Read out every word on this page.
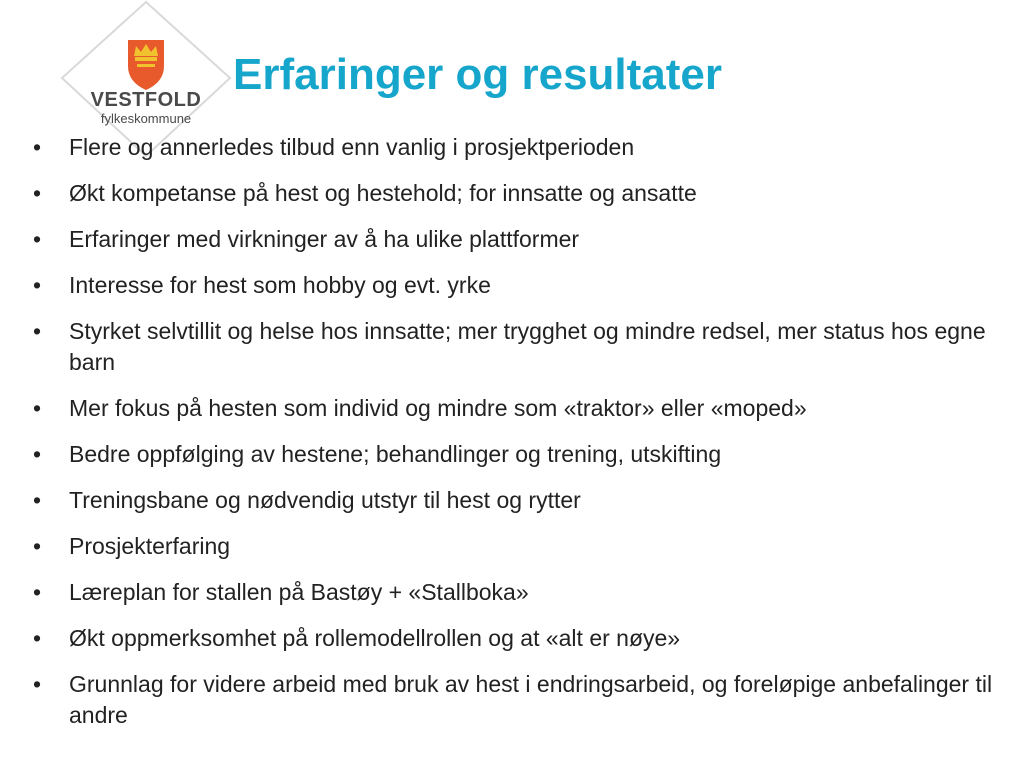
VESTFOLD
fylkeskommune
Erfaringer og resultater
• Flere og annerledes tilbud enn vanlig i prosjektperioden
• Økt kompetanse på hest og hestehold; for innsatte og ansatte
• Erfaringer med virkninger av å ha ulike plattformer
• Interesse for hest som hobby og evt. yrke
• Styrket selvtillit og helse hos innsatte; mer trygghet og mindre redsel, mer status hos egne barn
• Mer fokus på hesten som individ og mindre som «traktor» eller «moped»
• Bedre oppfølging av hestene; behandlinger og trening, utskifting
• Treningsbane og nødvendig utstyr til hest og rytter
• Prosjekterfaring
• Læreplan for stallen på Bastøy + «Stallboka»
• Økt oppmerksomhet på rollemodellrollen og at «alt er nøye»
• Grunnlag for videre arbeid med bruk av hest i endringsarbeid, og foreløpige anbefalinger til andre
